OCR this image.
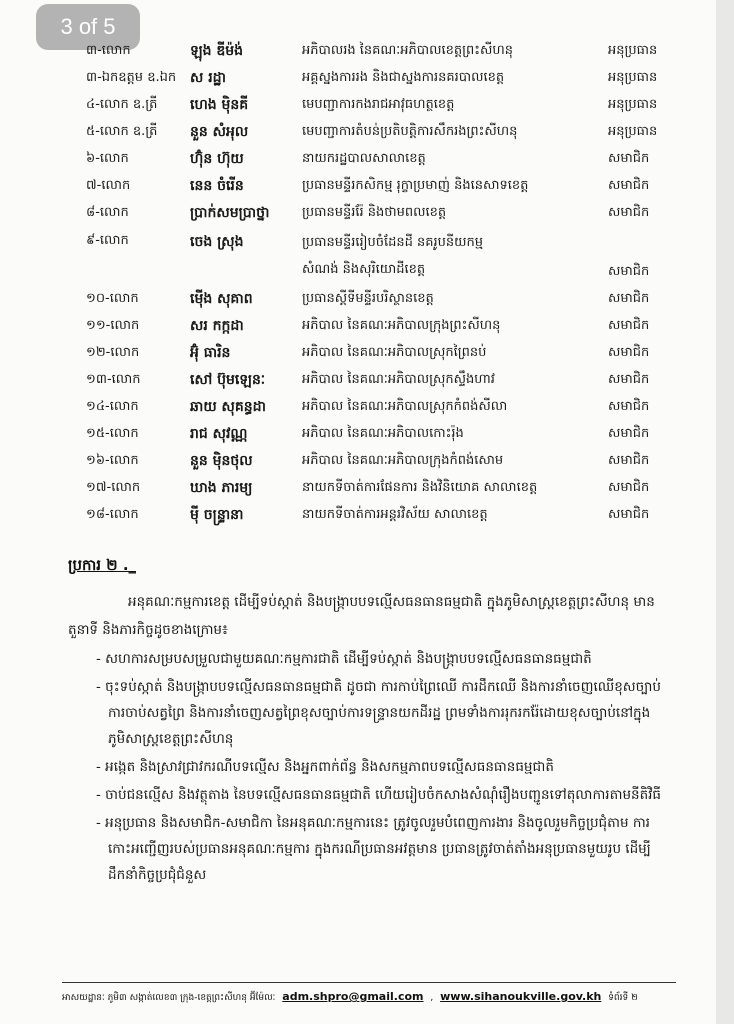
3 of 5
៣-លោក	ឡុង ឌីម៉ង់	អភិបាលរង នៃគណៈអភិបាលខេត្តព្រះសីហនុ	អនុប្រធាន
៣-ឯកឧត្តម ឧ.ឯក	ស រដ្ឋា	អគ្គស្នងការរង និងជាស្នងការនគរបាលខេត្ត	អនុប្រធាន
៤-លោក ឧ.ត្រី	ហេង ម៉ិនគី	មេបញ្ជាការកងរាជអាវុធហត្ថខេត្ត	អនុប្រធាន
៥-លោក ឧ.ត្រី	នួន សំអុល	មេបញ្ជាការតំបន់ប្រតិបត្តិការសឹករងព្រះសីហនុ	អនុប្រធាន
៦-លោក	ហ៊ុំន ហ៊ុយ	នាយករដ្ឋបាលសាលាខេត្ត	សមាជិក
៧-លោក	នេន ចំរើន	ប្រធានមន្ទីរកសិកម្ម រុក្ខាប្រមាញ់ និងនេសាទខេត្ត	សមាជិក
៨-លោក	ប្រាក់សមប្រាថ្នា	ប្រធានមន្ទីររ៉ែ និងថាមពលខេត្ត	សមាជិក
៩-លោក	ចេង ស្រុង	ប្រធានមន្ទីររៀបចំដែនដី នគរូបនីយកម្ម
សំណង់ និងសុរិយោដីខេត្ត	សមាជិក
១០-លោក	ម៉ើង សុគាព	ប្រធានស្ដីទីមន្ទីរបរិស្ថានខេត្ត	សមាជិក
១១-លោក	សរ កក្កដា	អភិបាល នៃគណៈអភិបាលក្រុងព្រះសីហនុ	សមាជិក
១២-លោក	អ៊ុំ ធារិន	អភិបាល នៃគណៈអភិបាលស្រុកព្រៃនប់	សមាជិក
១៣-លោក	សៅ ប៊ុមឡេនៈ	អភិបាល នៃគណៈអភិបាលស្រុកស្ទឹងហាវ	សមាជិក
១៤-លោក	ឆាយ សុគន្ធដា	អភិបាល នៃគណៈអភិបាលស្រុកកំពង់សីលា	សមាជិក
១៥-លោក	រាជ សុវណ្ណ	អភិបាល នៃគណៈអភិបាលកោះរ៉ុង	សមាជិក
១៦-លោក	នួន ម៉ិនថុល	អភិបាល នៃគណៈអភិបាលក្រុងកំពង់សោម	សមាជិក
១៧-លោក	ឃាង ភារម្យ	នាយកទីចាត់ការផែនការ និងវិនិយោគ សាលាខេត្ត	សមាជិក
១៨-លោក	ម៉ី ចន្ទ្រានា	នាយកទីចាត់ការអន្តរវិស័យ សាលាខេត្ត	សមាជិក
ប្រការ ២ ._
អនុគណៈកម្មការខេត្ត ដើម្បីទប់ស្កាត់ និងបង្ក្រាបបទល្មើសធនធានធម្មជាតិ ក្នុងភូមិសាស្ត្រខេត្តព្រះសីហនុ មានតួនាទី និងភារកិច្ចដូចខាងក្រោម៖
- សហការសម្របសម្រួលជាមួយគណៈកម្មការជាតិ ដើម្បីទប់ស្កាត់ និងបង្ក្រាបបទល្មើសធនធានធម្មជាតិ
- ចុះទប់ស្កាត់ និងបង្ក្រាបបទល្មើសធនធានធម្មជាតិ ដូចជា ការកាប់ព្រៃឈើ ការដឹកឈើ និងការនាំចេញឈើខុសច្បាប់ ការចាប់សត្វព្រៃ និងការនាំចេញសត្វព្រៃខុសច្បាប់ការទន្ទ្រានយកដីរដ្ឋ ព្រមទាំងការរុករករ៉ែដោយខុសច្បាប់នៅក្នុងភូមិសាស្ត្រខេត្តព្រះសីហនុ
- អង្កេត និងស្រាវជ្រាវករណីបទល្មើស និងអ្នកពាក់ព័ន្ធ និងសកម្មភាពបទល្មើសធនធានធម្មជាតិ
- ចាប់ជនល្មើស និងវត្ថុតាង នៃបទល្មើសធនធានធម្មជាតិ ហើយរៀបចំកសាងសំណុំរឿងបញ្ជូនទៅតុលាការតាមនីតិវិធី
- អនុប្រធាន និងសមាជិក-សមាជិកា នៃអនុគណៈកម្មការនេះ ត្រូវចូលរួមបំពេញការងារ និងចូលរួមកិច្ចប្រជុំតាម ការកោះអញ្ជើញរបស់ប្រធានអនុគណៈកម្មការ ក្នុងករណីប្រធានអវត្តមាន ប្រធានត្រូវចាត់តាំងអនុប្រធានមួយរូប ដើម្បីដឹកនាំកិច្ចប្រជុំជំនួស
អាសយដ្ឋានៈ ភូមិ៣ សង្កាត់លេខ៣ ក្រុង-ខេត្តព្រះសីហនុ អ៊ីម៉ែលៈ adm.shpro@gmail.com , www.sihanoukville.gov.kh ទំព័រទី ២
